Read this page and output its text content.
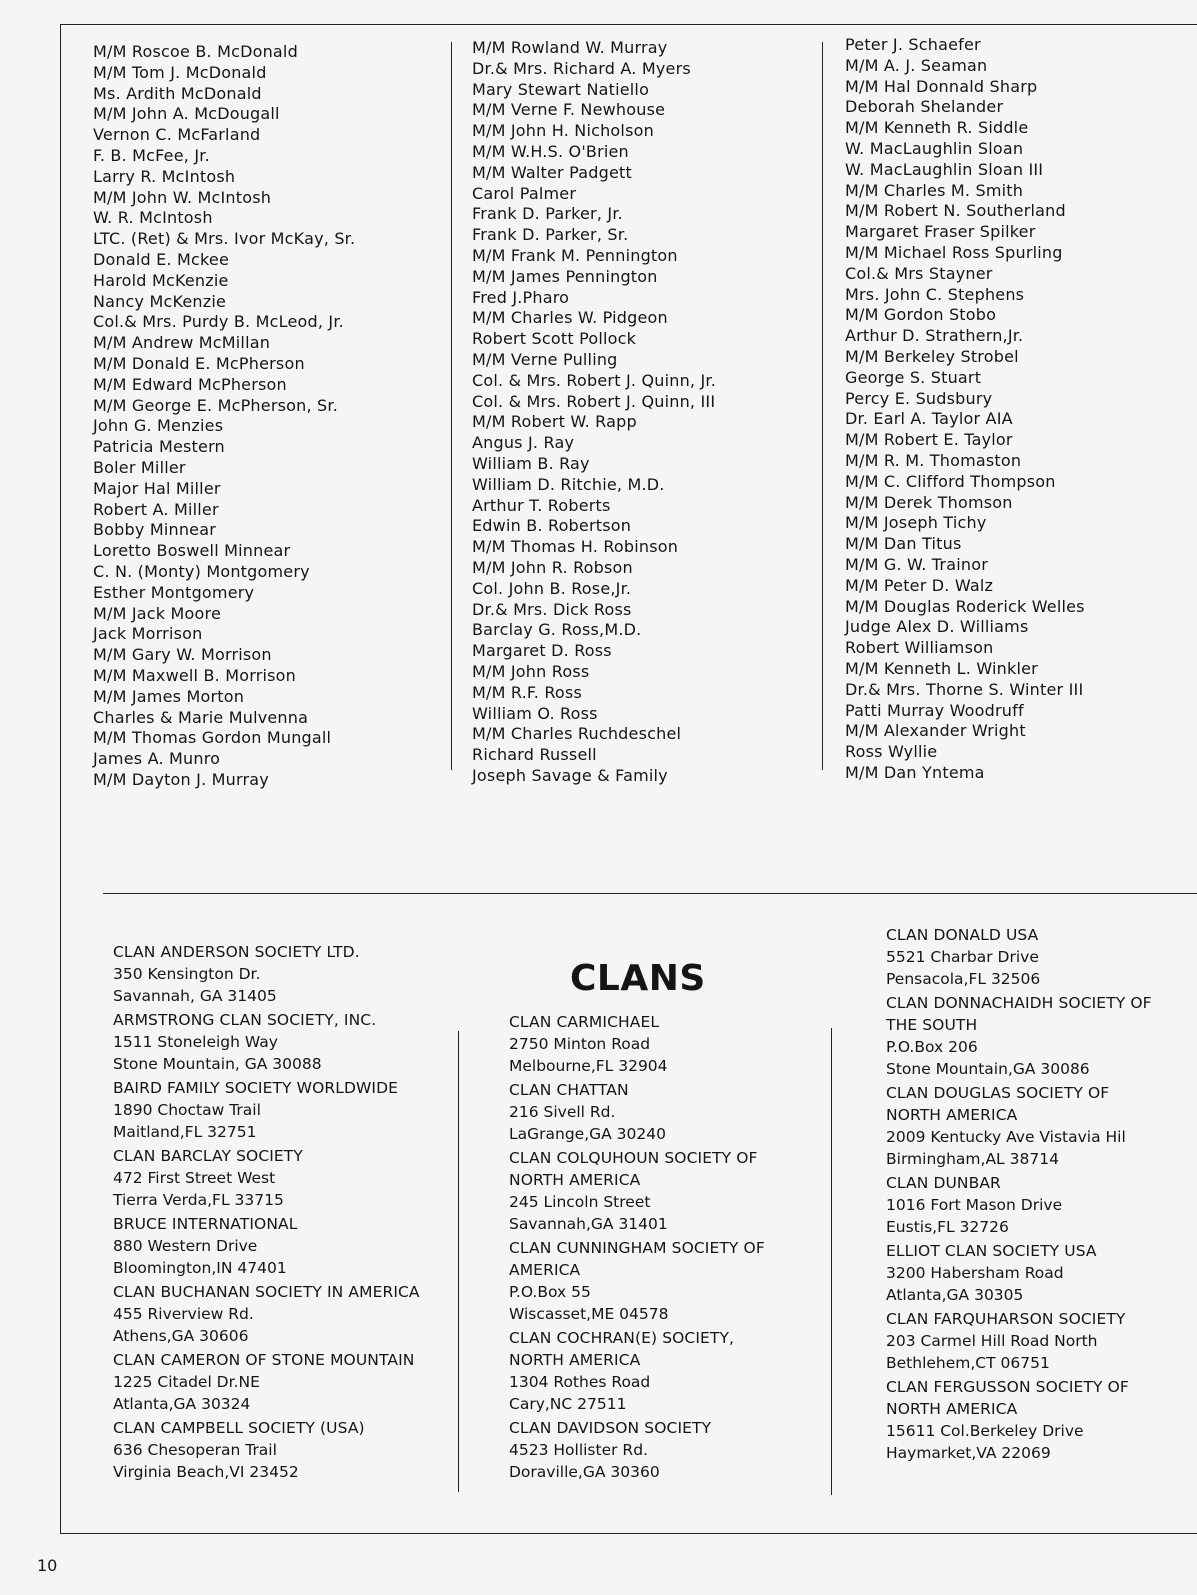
M/M Roscoe B. McDonald
M/M Tom J. McDonald
Ms. Ardith McDonald
M/M John A. McDougall
Vernon C. McFarland
F. B. McFee, Jr.
Larry R. McIntosh
M/M John W. McIntosh
W. R. McIntosh
LTC. (Ret) & Mrs. Ivor McKay, Sr.
Donald E. Mckee
Harold McKenzie
Nancy McKenzie
Col.& Mrs. Purdy B. McLeod, Jr.
M/M Andrew McMillan
M/M Donald E. McPherson
M/M Edward McPherson
M/M George E. McPherson, Sr.
John G. Menzies
Patricia Mestern
Boler Miller
Major Hal Miller
Robert A. Miller
Bobby Minnear
Loretto Boswell Minnear
C. N. (Monty) Montgomery
Esther Montgomery
M/M Jack Moore
Jack Morrison
M/M Gary W. Morrison
M/M Maxwell B. Morrison
M/M James Morton
Charles & Marie Mulvenna
M/M Thomas Gordon Mungall
James A. Munro
M/M Dayton J. Murray
M/M Rowland W. Murray
Dr.& Mrs. Richard A. Myers
Mary Stewart Natiello
M/M Verne F. Newhouse
M/M John H. Nicholson
M/M W.H.S. O'Brien
M/M Walter Padgett
Carol Palmer
Frank D. Parker, Jr.
Frank D. Parker, Sr.
M/M Frank M. Pennington
M/M James Pennington
Fred J.Pharo
M/M Charles W. Pidgeon
Robert Scott Pollock
M/M Verne Pulling
Col. & Mrs. Robert J. Quinn, Jr.
Col. & Mrs. Robert J. Quinn, III
M/M Robert W. Rapp
Angus J. Ray
William B. Ray
William D. Ritchie, M.D.
Arthur T. Roberts
Edwin B. Robertson
M/M Thomas H. Robinson
M/M John R. Robson
Col. John B. Rose,Jr.
Dr.& Mrs. Dick Ross
Barclay G. Ross,M.D.
Margaret D. Ross
M/M John Ross
M/M R.F. Ross
William O. Ross
M/M Charles Ruchdeschel
Richard Russell
Joseph Savage & Family
Peter J. Schaefer
M/M A. J. Seaman
M/M Hal Donnald Sharp
Deborah Shelander
M/M Kenneth R. Siddle
W. MacLaughlin Sloan
W. MacLaughlin Sloan III
M/M Charles M. Smith
M/M Robert N. Southerland
Margaret Fraser Spilker
M/M Michael Ross Spurling
Col.& Mrs Stayner
Mrs. John C. Stephens
M/M Gordon Stobo
Arthur D. Strathern,Jr.
M/M Berkeley Strobel
George S. Stuart
Percy E. Sudsbury
Dr. Earl A. Taylor AIA
M/M Robert E. Taylor
M/M R. M. Thomaston
M/M C. Clifford Thompson
M/M Derek Thomson
M/M Joseph Tichy
M/M Dan Titus
M/M G. W. Trainor
M/M Peter D. Walz
M/M Douglas Roderick Welles
Judge Alex D. Williams
Robert Williamson
M/M Kenneth L. Winkler
Dr.& Mrs. Thorne S. Winter III
Patti Murray Woodruff
M/M Alexander Wright
Ross Wyllie
M/M Dan Yntema
CLANS
CLAN ANDERSON SOCIETY LTD.
350 Kensington Dr.
Savannah, GA 31405
ARMSTRONG CLAN SOCIETY, INC.
1511 Stoneleigh Way
Stone Mountain, GA 30088
BAIRD FAMILY SOCIETY WORLDWIDE
1890 Choctaw Trail
Maitland,FL 32751
CLAN BARCLAY SOCIETY
472 First Street West
Tierra Verda,FL 33715
BRUCE INTERNATIONAL
880 Western Drive
Bloomington,IN 47401
CLAN BUCHANAN SOCIETY IN AMERICA
455 Riverview Rd.
Athens,GA 30606
CLAN CAMERON OF STONE MOUNTAIN
1225 Citadel Dr.NE
Atlanta,GA 30324
CLAN CAMPBELL SOCIETY (USA)
636 Chesoperan Trail
Virginia Beach,VI 23452
CLAN CARMICHAEL
2750 Minton Road
Melbourne,FL 32904
CLAN CHATTAN
216 Sivell Rd.
LaGrange,GA 30240
CLAN COLQUHOUN SOCIETY OF
NORTH AMERICA
245 Lincoln Street
Savannah,GA 31401
CLAN CUNNINGHAM SOCIETY OF
AMERICA
P.O.Box 55
Wiscasset,ME 04578
CLAN COCHRAN(E) SOCIETY,
NORTH AMERICA
1304 Rothes Road
Cary,NC 27511
CLAN DAVIDSON SOCIETY
4523 Hollister Rd.
Doraville,GA 30360
CLAN DONALD USA
5521 Charbar Drive
Pensacola,FL 32506
CLAN DONNACHAIDH SOCIETY OF
THE SOUTH
P.O.Box 206
Stone Mountain,GA 30086
CLAN DOUGLAS SOCIETY OF
NORTH AMERICA
2009 Kentucky Ave Vistavia Hil
Birmingham,AL 38714
CLAN DUNBAR
1016 Fort Mason Drive
Eustis,FL 32726
ELLIOT CLAN SOCIETY USA
3200 Habersham Road
Atlanta,GA 30305
CLAN FARQUHARSON SOCIETY
203 Carmel Hill Road North
Bethlehem,CT 06751
CLAN FERGUSSON SOCIETY OF
NORTH AMERICA
15611 Col.Berkeley Drive
Haymarket,VA 22069
10
